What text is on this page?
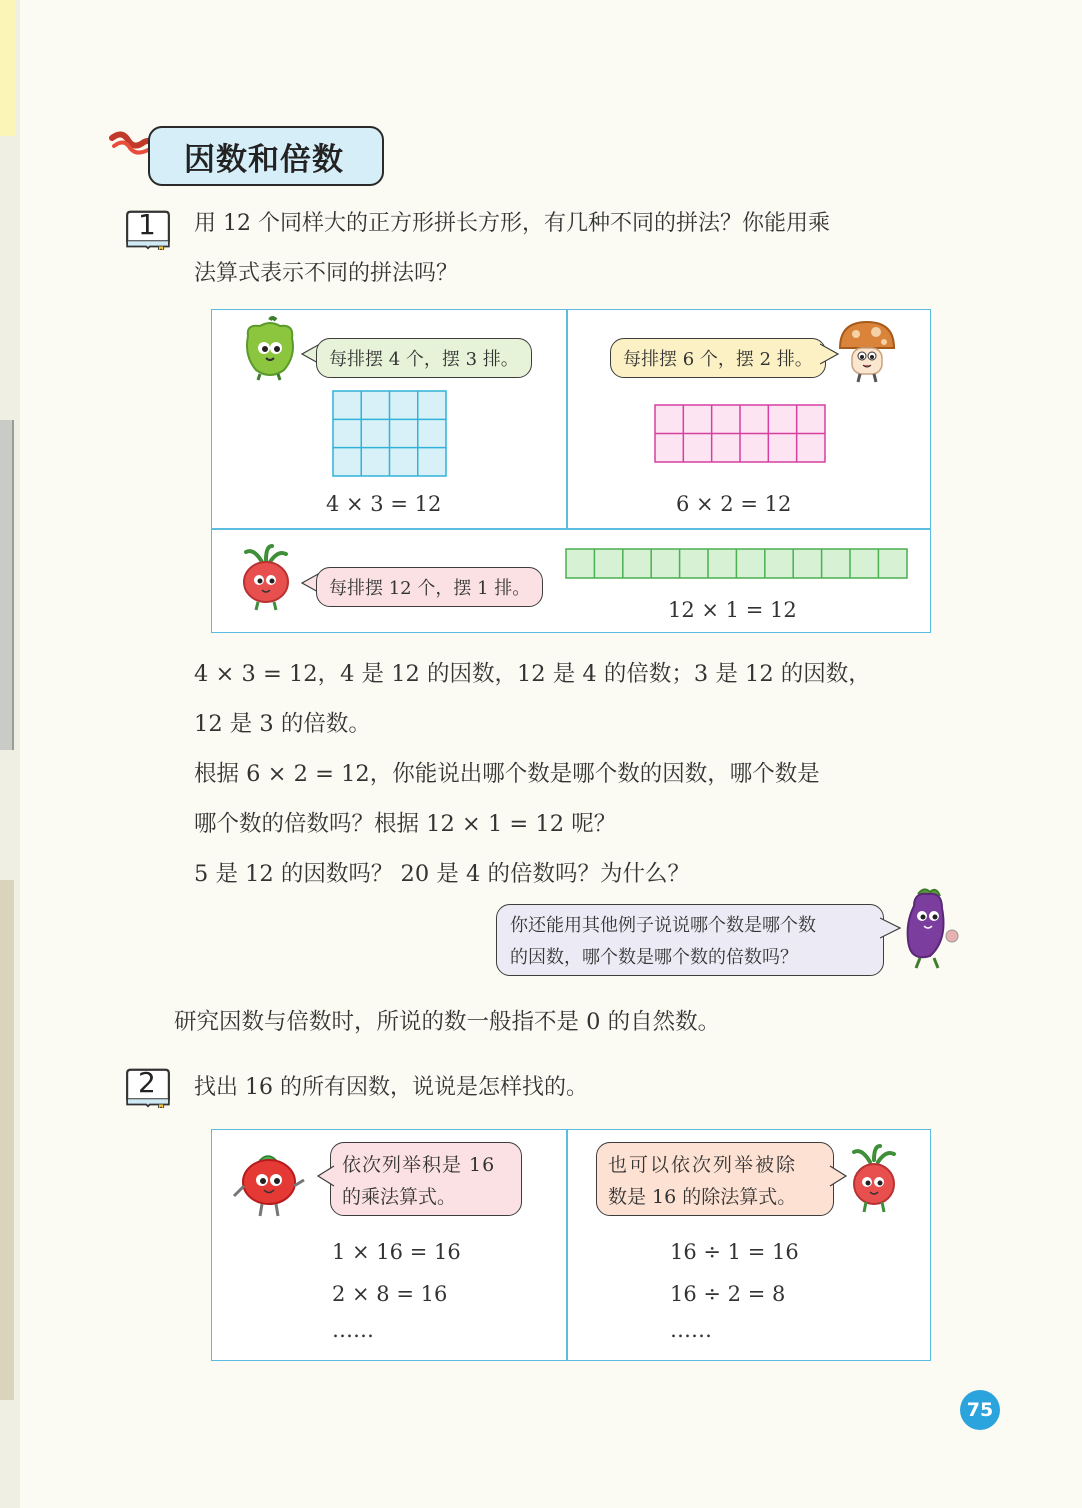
因数和倍数
1 用 12 个同样大的正方形拼长方形，有几种不同的拼法？你能用乘
法算式表示不同的拼法吗？
每排摆 4 个，摆 3 排。
4 × 3 = 12
每排摆 6 个，摆 2 排。
6 × 2 = 12
每排摆 12 个，摆 1 排。
12 × 1 = 12
4 × 3 = 12，4 是 12 的因数，12 是 4 的倍数；3 是 12 的因数，
12 是 3 的倍数。
根据 6 × 2 = 12，你能说出哪个数是哪个数的因数，哪个数是
哪个数的倍数吗？根据 12 × 1 = 12 呢？
5 是 12 的因数吗？ 20 是 4 的倍数吗？为什么？
你还能用其他例子说说哪个数是哪个数
的因数，哪个数是哪个数的倍数吗？
研究因数与倍数时，所说的数一般指不是 0 的自然数。
2 找出 16 的所有因数，说说是怎样找的。
依次列举积是 16
的乘法算式。
1 × 16 = 16
2 × 8 = 16
……
也可以依次列举被除
数是 16 的除法算式。
16 ÷ 1 = 16
16 ÷ 2 = 8
……
75
